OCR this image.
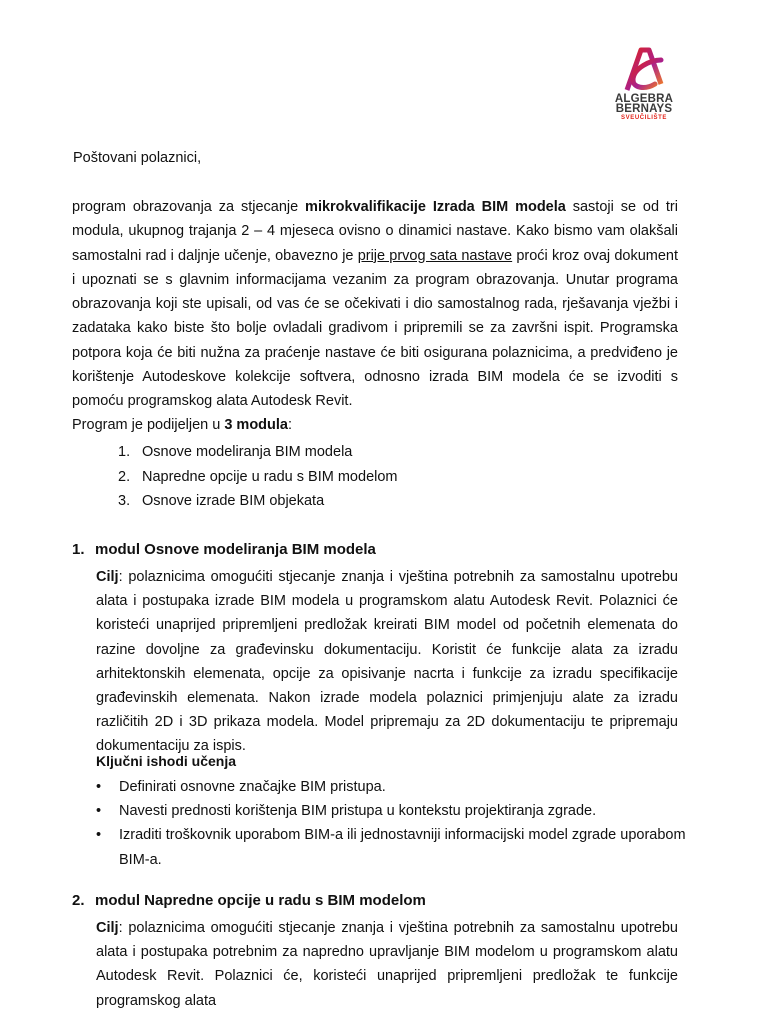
ALGEBRA
BERNAYS
SVEUČILIŠTE
Poštovani polaznici,
program obrazovanja za stjecanje mikrokvalifikacije Izrada BIM modela sastoji se od tri modula, ukupnog trajanja 2 – 4 mjeseca ovisno o dinamici nastave. Kako bismo vam olakšali samostalni rad i daljnje učenje, obavezno je prije prvog sata nastave proći kroz ovaj dokument i upoznati se s glavnim informacijama vezanim za program obrazovanja. Unutar programa obrazovanja koji ste upisali, od vas će se očekivati i dio samostalnog rada, rješavanja vježbi i zadataka kako biste što bolje ovladali gradivom i pripremili se za završni ispit. Programska potpora koja će biti nužna za praćenje nastave će biti osigurana polaznicima, a predviđeno je korištenje Autodeskove kolekcije softvera, odnosno izrada BIM modela će se izvoditi s pomoću programskog alata Autodesk Revit.
Program je podijeljen u 3 modula:
1. Osnove modeliranja BIM modela
2. Napredne opcije u radu s BIM modelom
3. Osnove izrade BIM objekata
1. modul Osnove modeliranja BIM modela
Cilj: polaznicima omogućiti stjecanje znanja i vještina potrebnih za samostalnu upotrebu alata i postupaka izrade BIM modela u programskom alatu Autodesk Revit. Polaznici će koristeći unaprijed pripremljeni predložak kreirati BIM model od početnih elemenata do razine dovoljne za građevinsku dokumentaciju. Koristit će funkcije alata za izradu arhitektonskih elemenata, opcije za opisivanje nacrta i funkcije za izradu specifikacije građevinskih elemenata. Nakon izrade modela polaznici primjenjuju alate za izradu različitih 2D i 3D prikaza modela. Model pripremaju za 2D dokumentaciju te pripremaju dokumentaciju za ispis.
Ključni ishodi učenja
• Definirati osnovne značajke BIM pristupa.
• Navesti prednosti korištenja BIM pristupa u kontekstu projektiranja zgrade.
• Izraditi troškovnik uporabom BIM-a ili jednostavniji informacijski model zgrade uporabom BIM-a.
2. modul Napredne opcije u radu s BIM modelom
Cilj: polaznicima omogućiti stjecanje znanja i vještina potrebnih za samostalnu upotrebu alata i postupaka potrebnim za napredno upravljanje BIM modelom u programskom alatu Autodesk Revit. Polaznici će, koristeći unaprijed pripremljeni predložak te funkcije programskog alata
